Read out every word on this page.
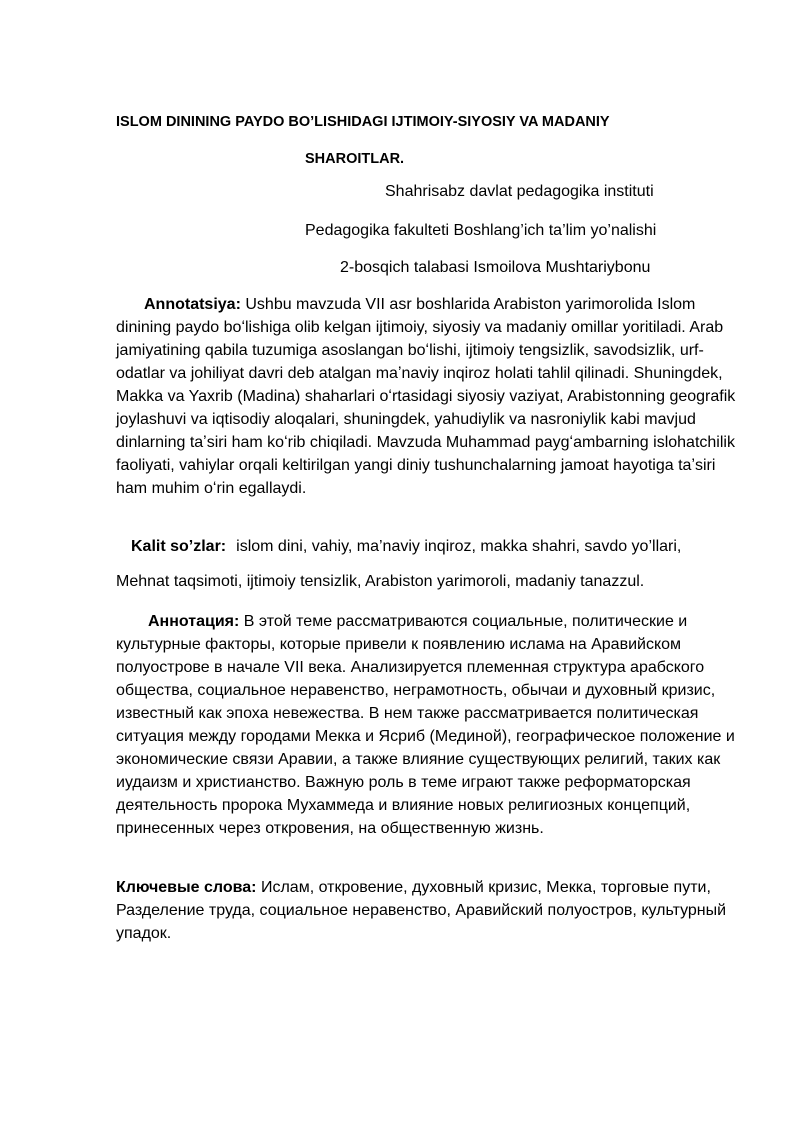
ISLOM DININING PAYDO BO’LISHIDAGI IJTIMOIY-SIYOSIY VA MADANIY
SHAROITLAR.
Shahrisabz davlat pedagogika instituti
Pedagogika fakulteti Boshlang’ich ta’lim yo’nalishi
2-bosqich talabasi Ismoilova Mushtariybonu
Annotatsiya: Ushbu mavzuda VII asr boshlarida Arabiston yarimorolida Islom dinining paydo boʻlishiga olib kelgan ijtimoiy, siyosiy va madaniy omillar yoritiladi. Arab jamiyatining qabila tuzumiga asoslangan boʻlishi, ijtimoiy tengsizlik, savodsizlik, urf-odatlar va johiliyat davri deb atalgan maʼnaviy inqiroz holati tahlil qilinadi. Shuningdek, Makka va Yaxrib (Madina) shaharlari oʻrtasidagi siyosiy vaziyat, Arabistonning geografik joylashuvi va iqtisodiy aloqalari, shuningdek, yahudiylik va nasroniylik kabi mavjud dinlarning taʼsiri ham koʻrib chiqiladi. Mavzuda Muhammad paygʻambarning islohatchilik faoliyati, vahiylar orqali keltirilgan yangi diniy tushunchalarning jamoat hayotiga taʼsiri ham muhim oʻrin egallaydi.
Kalit so’zlar: islom dini, vahiy, ma’naviy inqiroz, makka shahri, savdo yo’llari,
Mehnat taqsimoti, ijtimoiy tensizlik, Arabiston yarimoroli, madaniy tanazzul.
Аннотация: В этой теме рассматриваются социальные, политические и культурные факторы, которые привели к появлению ислама на Аравийском полуострове в начале VII века. Анализируется племенная структура арабского общества, социальное неравенство, неграмотность, обычаи и духовный кризис, известный как эпоха невежества. В нем также рассматривается политическая ситуация между городами Мекка и Ясриб (Мединой), географическое положение и экономические связи Аравии, а также влияние существующих религий, таких как иудаизм и христианство. Важную роль в теме играют также реформаторская деятельность пророка Мухаммеда и влияние новых религиозных концепций, принесенных через откровения, на общественную жизнь.
Ключевые слова: Ислам, откровение, духовный кризис, Мекка, торговые пути, Разделение труда, социальное неравенство, Аравийский полуостров, культурный упадок.
